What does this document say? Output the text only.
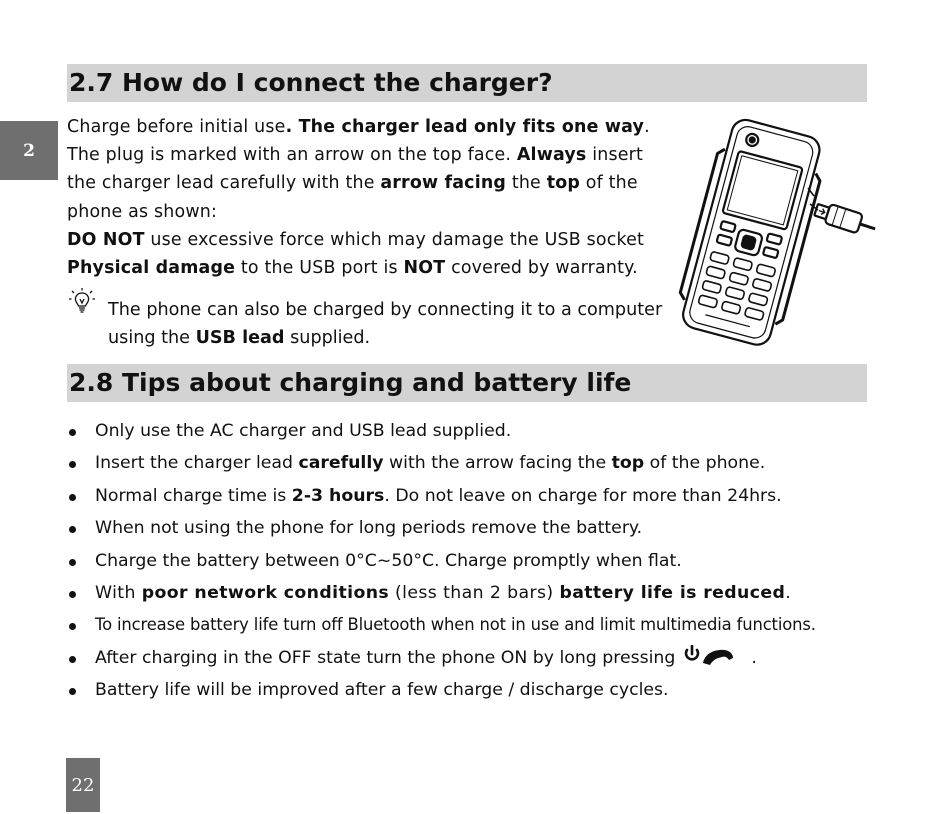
2
2.7 How do I connect the charger?

Charge before initial use. The charger lead only fits one way.

The plug is marked with an arrow on the top face. Always insert

the charger lead carefully with the arrow facing the top of the

phone as shown:

DO NOT use excessive force which may damage the USB socket

Physical damage to the USB port is NOT covered by warranty.

The phone can also be charged by connecting it to a computer

using the USB lead supplied.

2.8 Tips about charging and battery life
Only use the AC charger and USB lead supplied.
Insert the charger lead carefully with the arrow facing the top of the phone.
Normal charge time is 2-3 hours. Do not leave on charge for more than 24hrs.
When not using the phone for long periods remove the battery.
Charge the battery between 0°C~50°C. Charge promptly when flat.
With poor network conditions (less than 2 bars) battery life is reduced.
To increase battery life turn off Bluetooth when not in use and limit multimedia functions.
After charging in the OFF state turn the phone ON by long pressing	.
Battery life will be improved after a few charge / discharge cycles.
22
